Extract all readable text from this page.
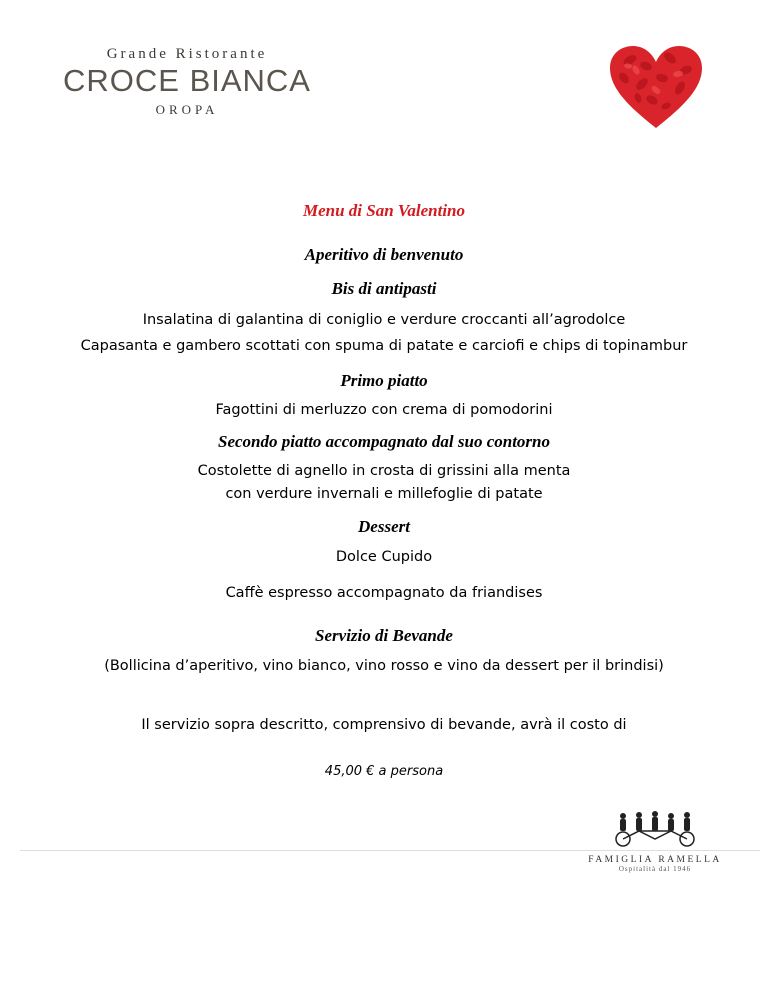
Grande Ristorante
CROCE BIANCA
OROPA
Menu di San Valentino
Aperitivo di benvenuto
Bis di antipasti
Insalatina di galantina di coniglio e verdure croccanti all’agrodolce
Capasanta e gambero scottati con spuma di patate e carciofi e chips di topinambur
Primo piatto
Fagottini di merluzzo con crema di pomodorini
Secondo piatto accompagnato dal suo contorno
Costolette di agnello in crosta di grissini alla menta
con verdure invernali e millefoglie di patate
Dessert
Dolce Cupido
Caffè espresso accompagnato da friandises
Servizio di Bevande
(Bollicina d’aperitivo, vino bianco, vino rosso e vino da dessert per il brindisi)
Il servizio sopra descritto, comprensivo di bevande, avrà il costo di
45,00 € a persona
FAMIGLIA RAMELLA
Ospitalità dal 1946
